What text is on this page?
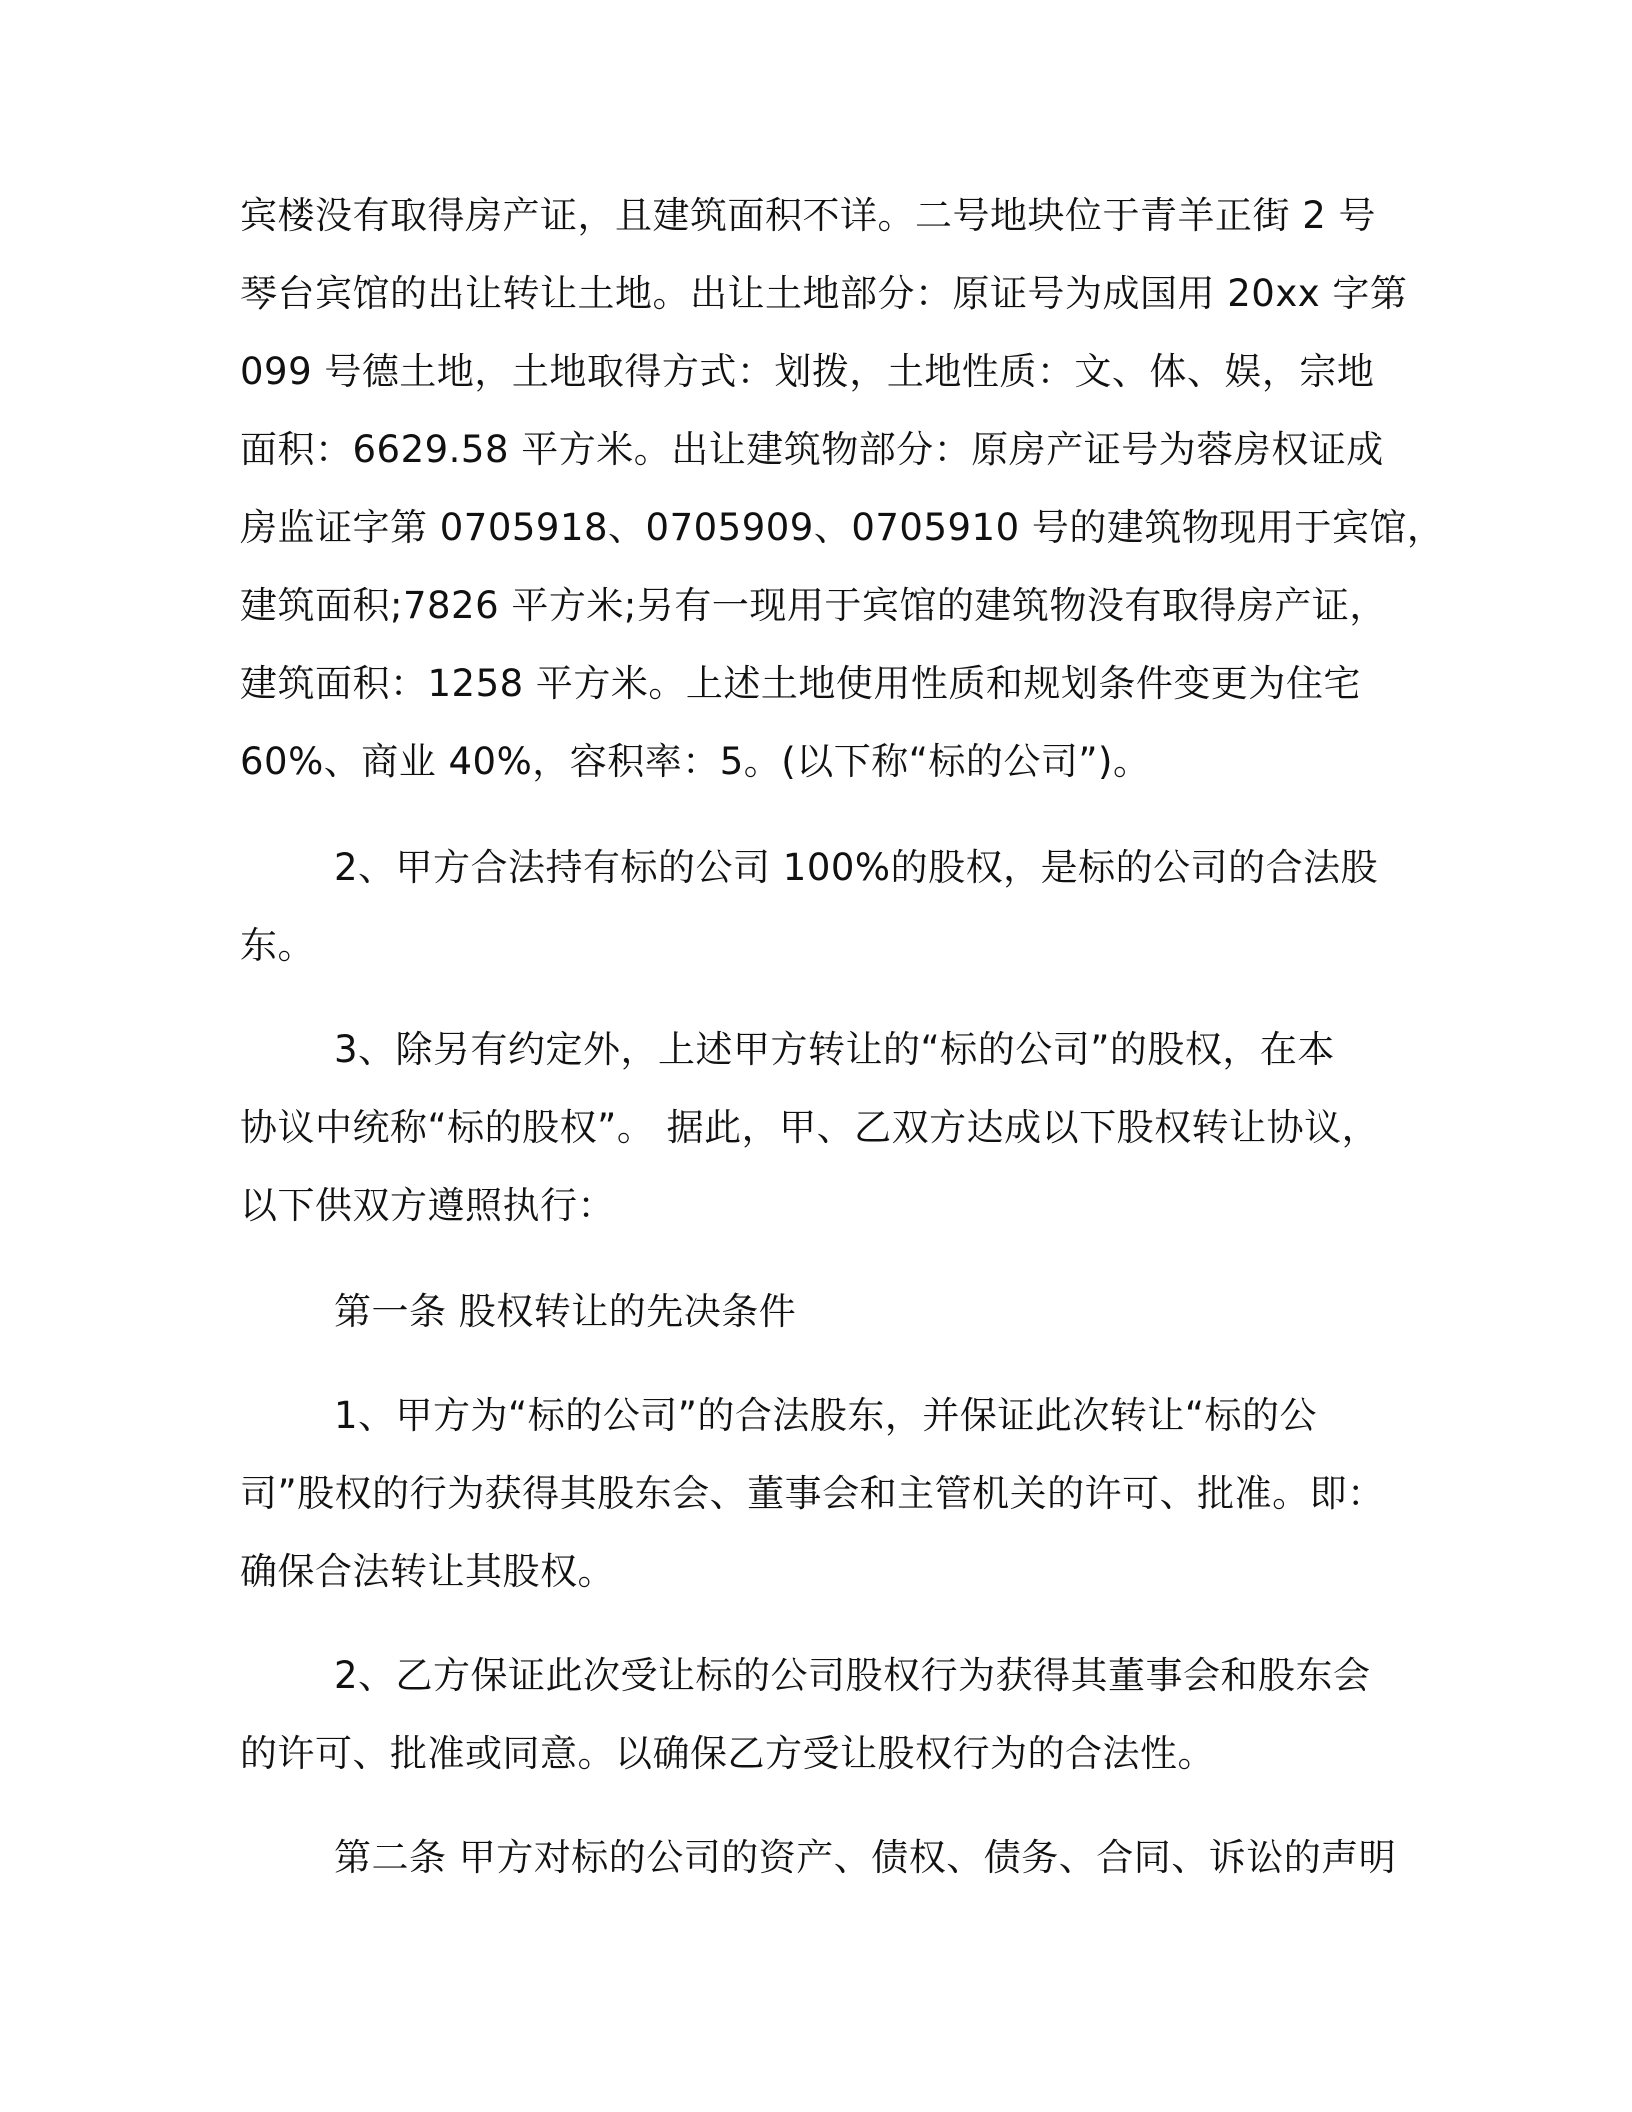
宾楼没有取得房产证，且建筑面积不详。二号地块位于青羊正街 2 号
琴台宾馆的出让转让土地。出让土地部分：原证号为成国用 20xx 字第
099 号德土地，土地取得方式：划拨，土地性质：文、体、娱，宗地
面积：6629.58 平方米。出让建筑物部分：原房产证号为蓉房权证成
房监证字第 0705918、0705909、0705910 号的建筑物现用于宾馆，
建筑面积;7826 平方米;另有一现用于宾馆的建筑物没有取得房产证，
建筑面积：1258 平方米。上述土地使用性质和规划条件变更为住宅
60%、商业 40%，容积率：5。(以下称“标的公司”)。
2、甲方合法持有标的公司 100%的股权，是标的公司的合法股
东。
3、除另有约定外，上述甲方转让的“标的公司”的股权，在本
协议中统称“标的股权”。 据此，甲、乙双方达成以下股权转让协议，
以下供双方遵照执行：
第一条 股权转让的先决条件
1、甲方为“标的公司”的合法股东，并保证此次转让“标的公
司”股权的行为获得其股东会、董事会和主管机关的许可、批准。即：
确保合法转让其股权。
2、乙方保证此次受让标的公司股权行为获得其董事会和股东会
的许可、批准或同意。以确保乙方受让股权行为的合法性。
第二条 甲方对标的公司的资产、债权、债务、合同、诉讼的声明
